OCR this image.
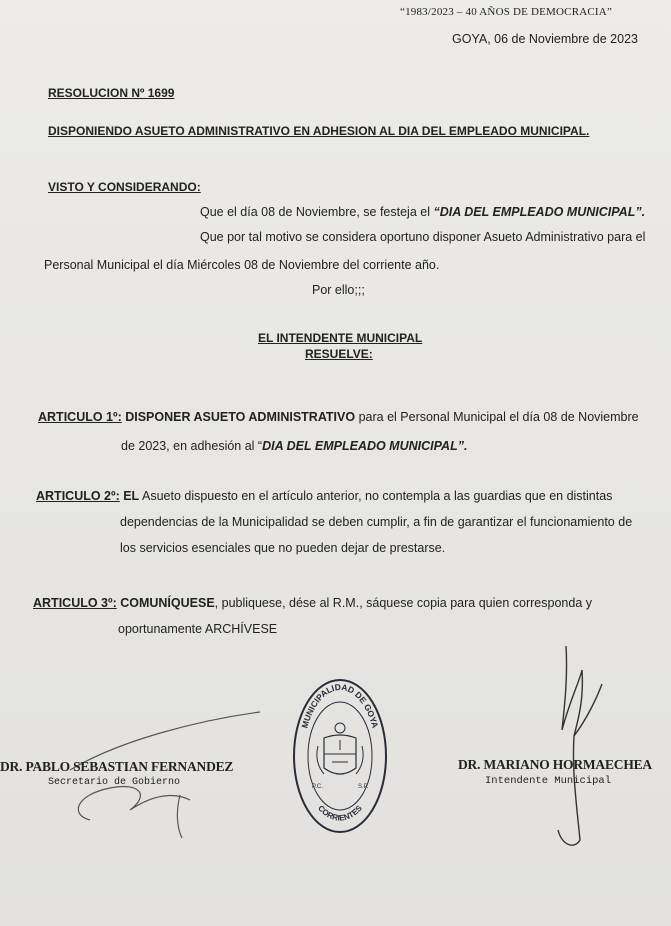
“1983/2023 – 40 AÑOS DE DEMOCRACIA”
GOYA, 06 de Noviembre de 2023
RESOLUCION Nº 1699
DISPONIENDO ASUETO ADMINISTRATIVO EN ADHESION AL DIA DEL EMPLEADO MUNICIPAL.
VISTO Y CONSIDERANDO:
Que el día 08 de Noviembre, se festeja el “DIA DEL EMPLEADO MUNICIPAL”.
Que por tal motivo se considera oportuno disponer Asueto Administrativo para el
Personal Municipal el día Miércoles 08 de Noviembre del corriente año.
Por ello;;;
EL INTENDENTE MUNICIPAL
RESUELVE:
ARTICULO 1º: DISPONER ASUETO ADMINISTRATIVO para el Personal Municipal el día 08 de Noviembre
de 2023, en adhesión al “DIA DEL EMPLEADO MUNICIPAL”.
ARTICULO 2º: EL Asueto dispuesto en el artículo anterior, no contempla a las guardias que en distintas
dependencias de la Municipalidad se deben cumplir, a fin de garantizar el funcionamiento de
los servicios esenciales que no pueden dejar de prestarse.
ARTICULO 3º: COMUNÍQUESE, publiquese, dése al R.M., sáquese copia para quien corresponda y
oportunamente ARCHÍVESE
DR. PABLO SEBASTIAN FERNANDEZ
Secretario de Gobierno
MUNICIPALIDAD DE GOYA
CORRIENTES
P.C.	S.P.
DR. MARIANO HORMAECHEA
Intendente Municipal
